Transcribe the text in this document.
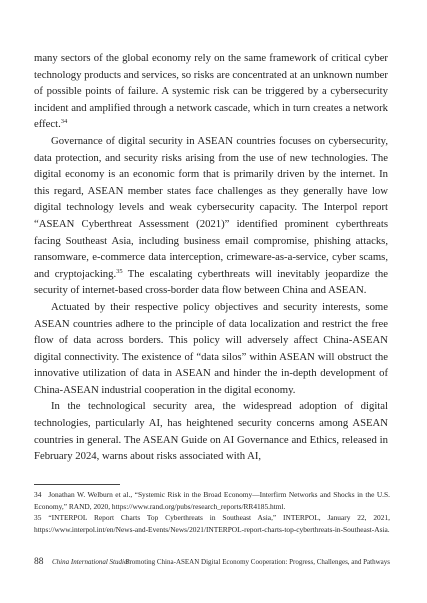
many sectors of the global economy rely on the same framework of critical cyber technology products and services, so risks are concentrated at an unknown number of possible points of failure. A systemic risk can be triggered by a cybersecurity incident and amplified through a network cascade, which in turn creates a network effect.$^{34}$

Governance of digital security in ASEAN countries focuses on cybersecurity, data protection, and security risks arising from the use of new technologies. The digital economy is an economic form that is primarily driven by the internet. In this regard, ASEAN member states face challenges as they generally have low digital technology levels and weak cybersecurity capacity. The Interpol report “ASEAN Cyberthreat Assessment (2021)” identified prominent cyberthreats facing Southeast Asia, including business email compromise, phishing attacks, ransomware, e-commerce data interception, crimeware-as-a-service, cyber scams, and cryptojacking.$^{35}$ The escalating cyberthreats will inevitably jeopardize the security of internet-based cross-border data flow between China and ASEAN.

Actuated by their respective policy objectives and security interests, some ASEAN countries adhere to the principle of data localization and restrict the free flow of data across borders. This policy will adversely affect China-ASEAN digital connectivity. The existence of “data silos” within ASEAN will obstruct the innovative utilization of data in ASEAN and hinder the in-depth development of China-ASEAN industrial cooperation in the digital economy.

In the technological security area, the widespread adoption of digital technologies, particularly AI, has heightened security concerns among ASEAN countries in general. The ASEAN Guide on AI Governance and Ethics, released in February 2024, warns about risks associated with AI,

34 Jonathan W. Welburn et al., “Systemic Risk in the Broad Economy—Interfirm Networks and Shocks in the U.S. Economy,” RAND, 2020, https://www.rand.org/pubs/research_reports/RR4185.html.

35 “INTERPOL Report Charts Top Cyberthreats in Southeast Asia,” INTERPOL, January 22, 2021, https://www.interpol.int/en/News-and-Events/News/2021/INTERPOL-report-charts-top-cyberthreats-in-Southeast-Asia.

88 China International Studies
Promoting China-ASEAN Digital Economy Cooperation: Progress, Challenges, and Pathways
